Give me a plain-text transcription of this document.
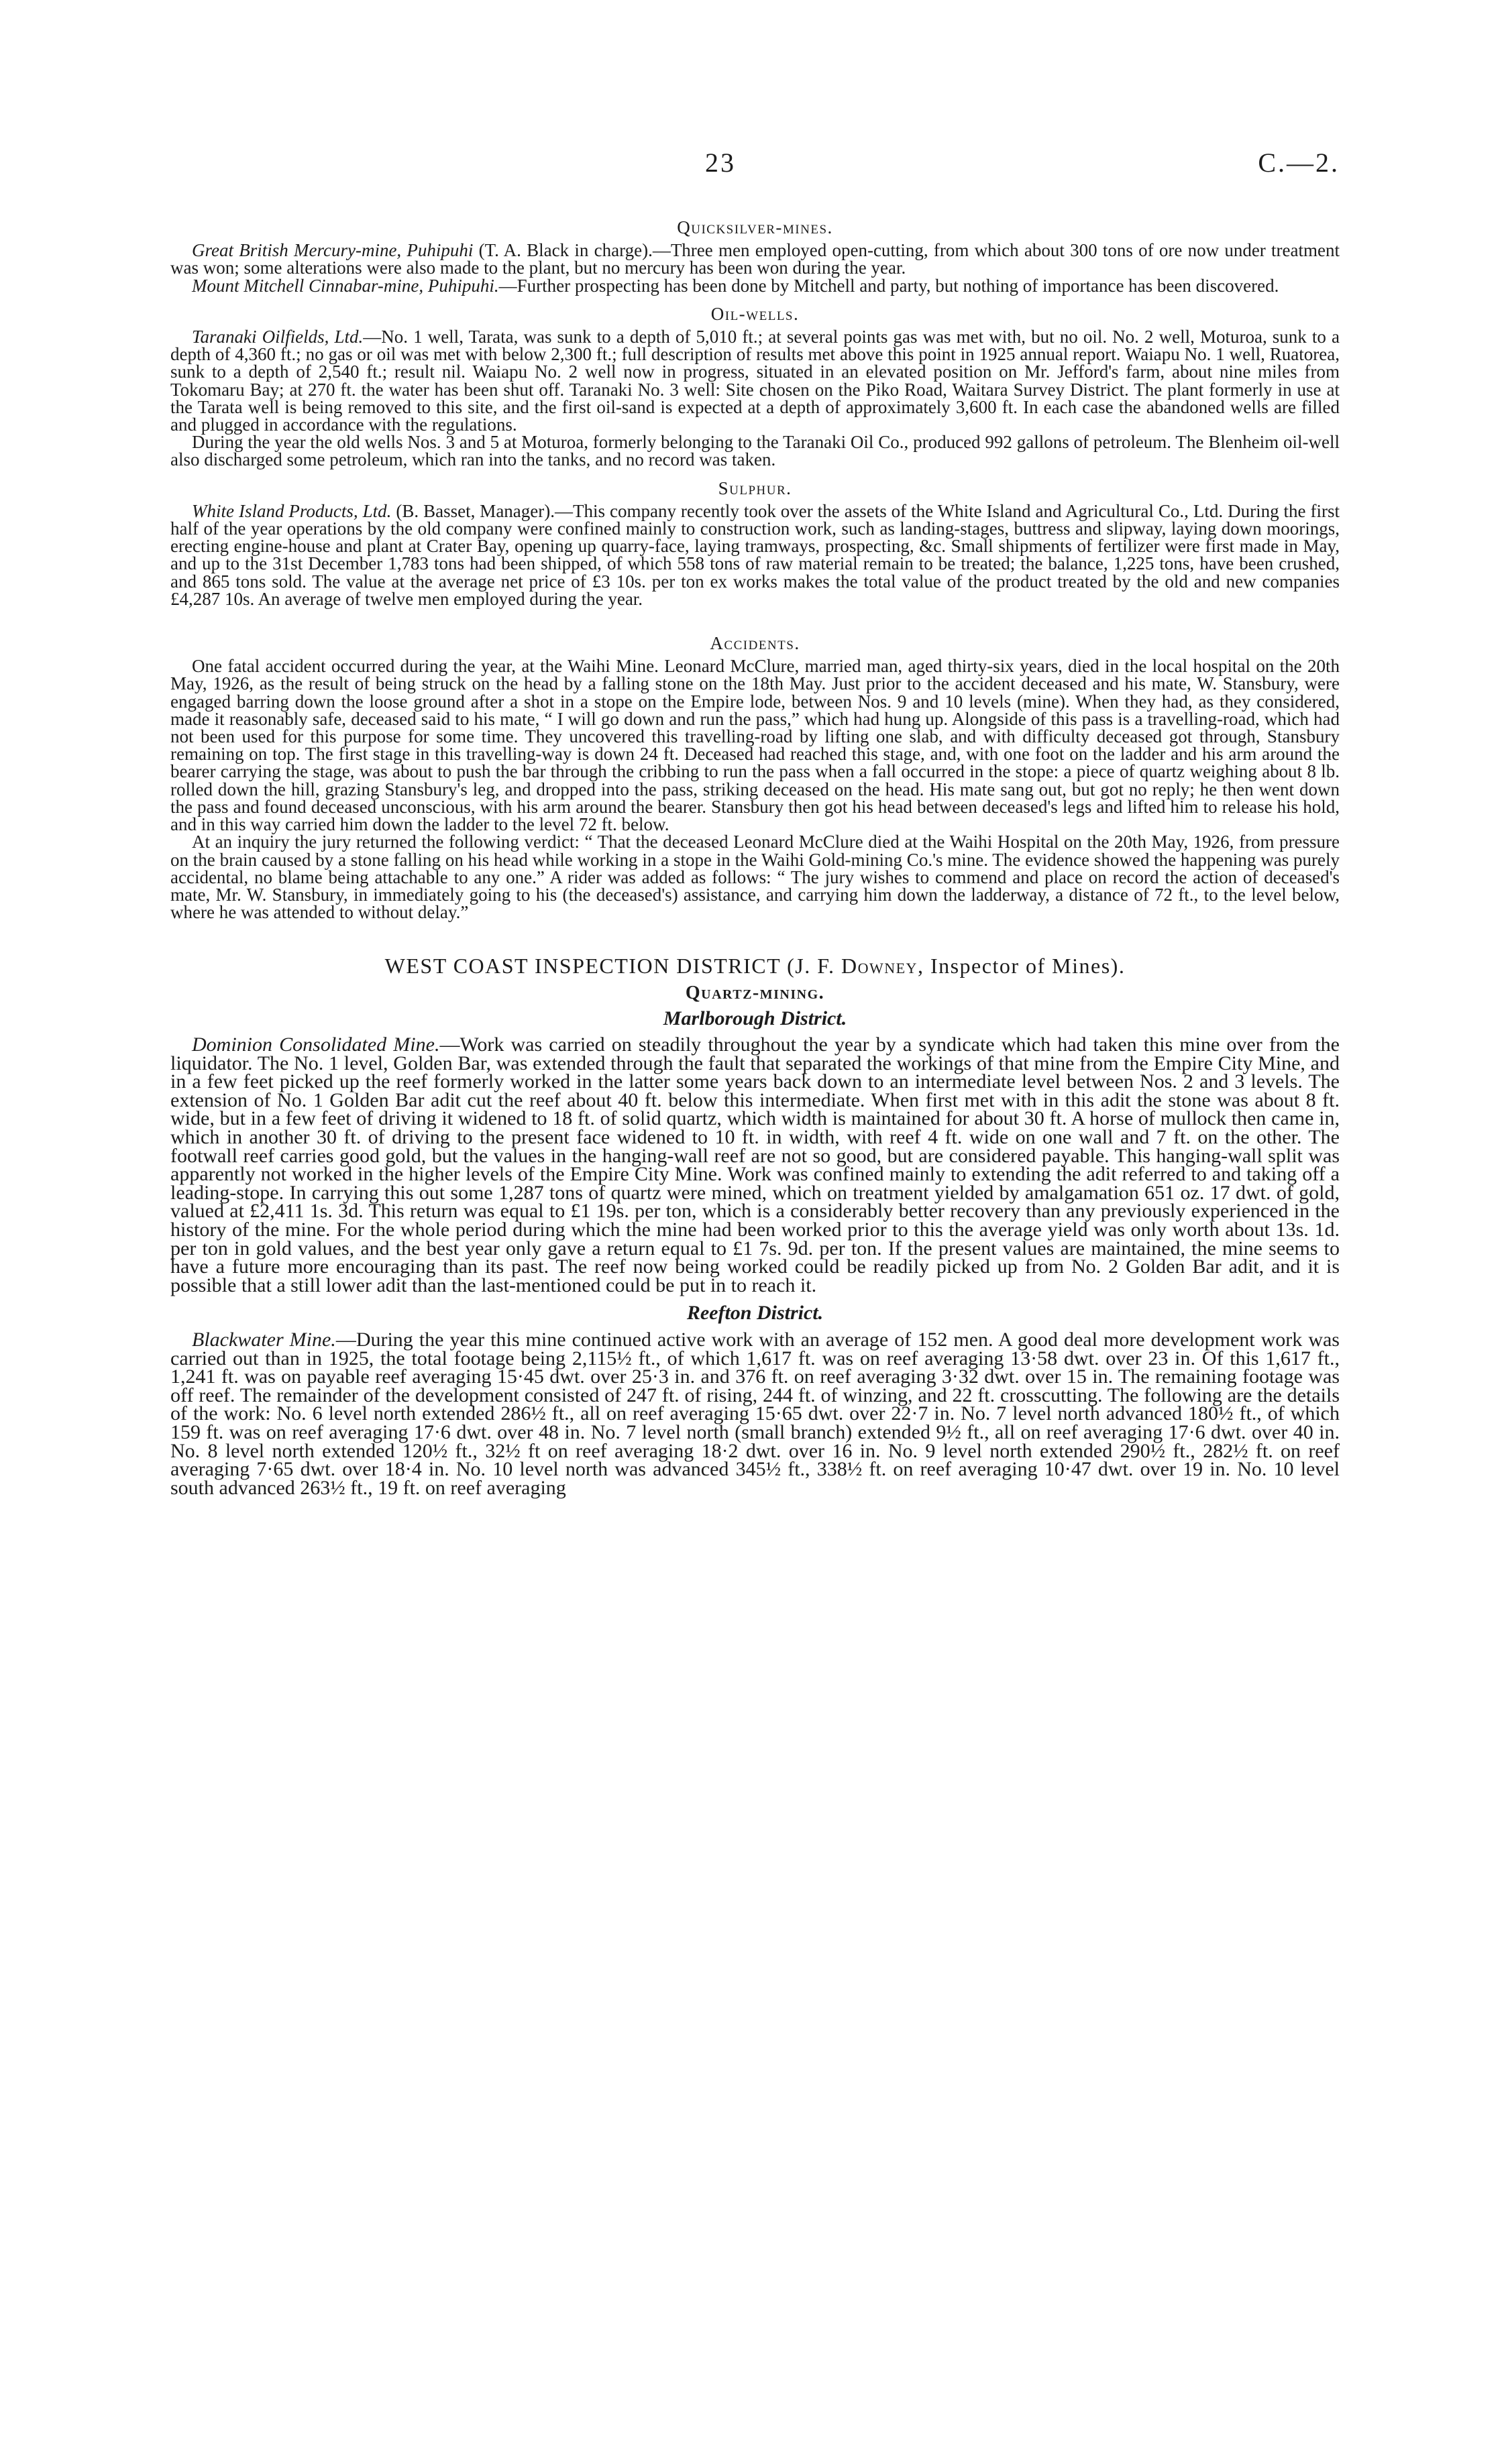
23	C.—2.
Quicksilver-mines.

Great British Mercury-mine, Puhipuhi (T. A. Black in charge).—Three men employed open-cutting, from which about 300 tons of ore now under treatment was won; some alterations were also made to the plant, but no mercury has been won during the year.

Mount Mitchell Cinnabar-mine, Puhipuhi.—Further prospecting has been done by Mitchell and party, but nothing of importance has been discovered.

Oil-wells.

Taranaki Oilfields, Ltd.—No. 1 well, Tarata, was sunk to a depth of 5,010 ft.; at several points gas was met with, but no oil. No. 2 well, Moturoa, sunk to a depth of 4,360 ft.; no gas or oil was met with below 2,300 ft.; full description of results met above this point in 1925 annual report. Waiapu No. 1 well, Ruatorea, sunk to a depth of 2,540 ft.; result nil. Waiapu No. 2 well now in progress, situated in an elevated position on Mr. Jefford's farm, about nine miles from Tokomaru Bay; at 270 ft. the water has been shut off. Taranaki No. 3 well: Site chosen on the Piko Road, Waitara Survey District. The plant formerly in use at the Tarata well is being removed to this site, and the first oil-sand is expected at a depth of approximately 3,600 ft. In each case the abandoned wells are filled and plugged in accordance with the regulations.

During the year the old wells Nos. 3 and 5 at Moturoa, formerly belonging to the Taranaki Oil Co., produced 992 gallons of petroleum. The Blenheim oil-well also discharged some petroleum, which ran into the tanks, and no record was taken.

Sulphur.

White Island Products, Ltd. (B. Basset, Manager).—This company recently took over the assets of the White Island and Agricultural Co., Ltd. During the first half of the year operations by the old company were confined mainly to construction work, such as landing-stages, buttress and slipway, laying down moorings, erecting engine-house and plant at Crater Bay, opening up quarry-face, laying tramways, prospecting, &c. Small shipments of fertilizer were first made in May, and up to the 31st December 1,783 tons had been shipped, of which 558 tons of raw material remain to be treated; the balance, 1,225 tons, have been crushed, and 865 tons sold. The value at the average net price of £3 10s. per ton ex works makes the total value of the product treated by the old and new companies £4,287 10s. An average of twelve men employed during the year.

Accidents.

One fatal accident occurred during the year, at the Waihi Mine. Leonard McClure, married man, aged thirty-six years, died in the local hospital on the 20th May, 1926, as the result of being struck on the head by a falling stone on the 18th May. Just prior to the accident deceased and his mate, W. Stansbury, were engaged barring down the loose ground after a shot in a stope on the Empire lode, between Nos. 9 and 10 levels (mine). When they had, as they considered, made it reasonably safe, deceased said to his mate, “ I will go down and run the pass,” which had hung up. Alongside of this pass is a travelling-road, which had not been used for this purpose for some time. They uncovered this travelling-road by lifting one slab, and with difficulty deceased got through, Stansbury remaining on top. The first stage in this travelling-way is down 24 ft. Deceased had reached this stage, and, with one foot on the ladder and his arm around the bearer carrying the stage, was about to push the bar through the cribbing to run the pass when a fall occurred in the stope: a piece of quartz weighing about 8 lb. rolled down the hill, grazing Stansbury's leg, and dropped into the pass, striking deceased on the head. His mate sang out, but got no reply; he then went down the pass and found deceased unconscious, with his arm around the bearer. Stansbury then got his head between deceased's legs and lifted him to release his hold, and in this way carried him down the ladder to the level 72 ft. below.

At an inquiry the jury returned the following verdict: “ That the deceased Leonard McClure died at the Waihi Hospital on the 20th May, 1926, from pressure on the brain caused by a stone falling on his head while working in a stope in the Waihi Gold-mining Co.'s mine. The evidence showed the happening was purely accidental, no blame being attachable to any one.” A rider was added as follows: “ The jury wishes to commend and place on record the action of deceased's mate, Mr. W. Stansbury, in immediately going to his (the deceased's) assistance, and carrying him down the ladderway, a distance of 72 ft., to the level below, where he was attended to without delay.”

WEST COAST INSPECTION DISTRICT (J. F. Downey, Inspector of Mines).
Quartz-mining.
Marlborough District.

Dominion Consolidated Mine.—Work was carried on steadily throughout the year by a syndicate which had taken this mine over from the liquidator. The No. 1 level, Golden Bar, was extended through the fault that separated the workings of that mine from the Empire City Mine, and in a few feet picked up the reef formerly worked in the latter some years back down to an intermediate level between Nos. 2 and 3 levels. The extension of No. 1 Golden Bar adit cut the reef about 40 ft. below this intermediate. When first met with in this adit the stone was about 8 ft. wide, but in a few feet of driving it widened to 18 ft. of solid quartz, which width is maintained for about 30 ft. A horse of mullock then came in, which in another 30 ft. of driving to the present face widened to 10 ft. in width, with reef 4 ft. wide on one wall and 7 ft. on the other. The footwall reef carries good gold, but the values in the hanging-wall reef are not so good, but are considered payable. This hanging-wall split was apparently not worked in the higher levels of the Empire City Mine. Work was confined mainly to extending the adit referred to and taking off a leading-stope. In carrying this out some 1,287 tons of quartz were mined, which on treatment yielded by amalgamation 651 oz. 17 dwt. of gold, valued at £2,411 1s. 3d. This return was equal to £1 19s. per ton, which is a considerably better recovery than any previously experienced in the history of the mine. For the whole period during which the mine had been worked prior to this the average yield was only worth about 13s. 1d. per ton in gold values, and the best year only gave a return equal to £1 7s. 9d. per ton. If the present values are maintained, the mine seems to have a future more encouraging than its past. The reef now being worked could be readily picked up from No. 2 Golden Bar adit, and it is possible that a still lower adit than the last-mentioned could be put in to reach it.

Reefton District.

Blackwater Mine.—During the year this mine continued active work with an average of 152 men. A good deal more development work was carried out than in 1925, the total footage being 2,115½ ft., of which 1,617 ft. was on reef averaging 13·58 dwt. over 23 in. Of this 1,617 ft., 1,241 ft. was on payable reef averaging 15·45 dwt. over 25·3 in. and 376 ft. on reef averaging 3·32 dwt. over 15 in. The remaining footage was off reef. The remainder of the development consisted of 247 ft. of rising, 244 ft. of winzing, and 22 ft. crosscutting. The following are the details of the work: No. 6 level north extended 286½ ft., all on reef averaging 15·65 dwt. over 22·7 in. No. 7 level north advanced 180½ ft., of which 159 ft. was on reef averaging 17·6 dwt. over 48 in. No. 7 level north (small branch) extended 9½ ft., all on reef averaging 17·6 dwt. over 40 in. No. 8 level north extended 120½ ft., 32½ ft on reef averaging 18·2 dwt. over 16 in. No. 9 level north extended 290½ ft., 282½ ft. on reef averaging 7·65 dwt. over 18·4 in. No. 10 level north was advanced 345½ ft., 338½ ft. on reef averaging 10·47 dwt. over 19 in. No. 10 level south advanced 263½ ft., 19 ft. on reef averaging
